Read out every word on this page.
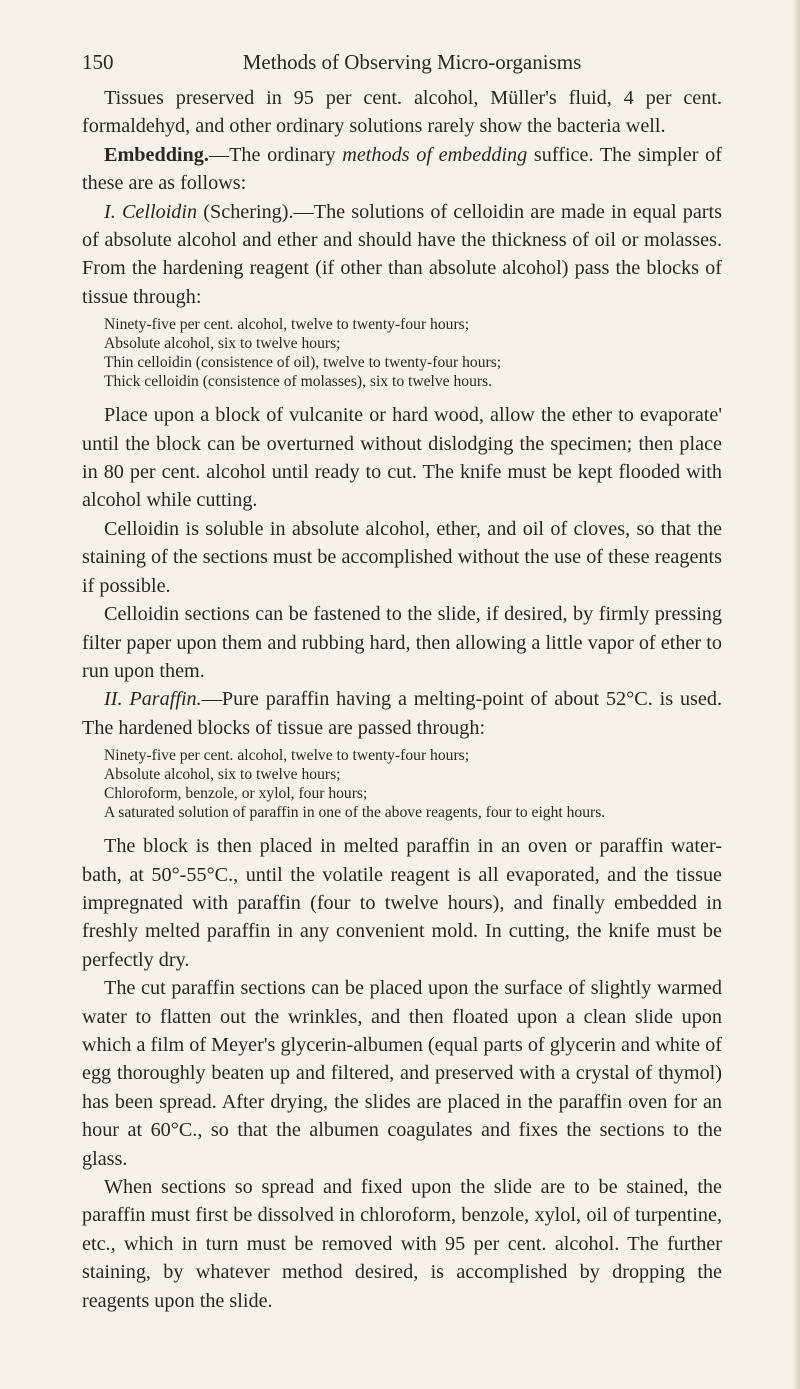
150	Methods of Observing Micro-organisms

Tissues preserved in 95 per cent. alcohol, Müller's fluid, 4 per cent. formaldehyd, and other ordinary solutions rarely show the bacteria well.

Embedding.—The ordinary methods of embedding suffice. The simpler of these are as follows:

I. Celloidin (Schering).—The solutions of celloidin are made in equal parts of absolute alcohol and ether and should have the thickness of oil or molasses. From the hardening reagent (if other than absolute alcohol) pass the blocks of tissue through:

Ninety-five per cent. alcohol, twelve to twenty-four hours;
Absolute alcohol, six to twelve hours;
Thin celloidin (consistence of oil), twelve to twenty-four hours;
Thick celloidin (consistence of molasses), six to twelve hours.

Place upon a block of vulcanite or hard wood, allow the ether to evaporate' until the block can be overturned without dislodging the specimen; then place in 80 per cent. alcohol until ready to cut. The knife must be kept flooded with alcohol while cutting.

Celloidin is soluble in absolute alcohol, ether, and oil of cloves, so that the staining of the sections must be accomplished without the use of these reagents if possible.

Celloidin sections can be fastened to the slide, if desired, by firmly pressing filter paper upon them and rubbing hard, then allowing a little vapor of ether to run upon them.

II. Paraffin.—Pure paraffin having a melting-point of about 52°C. is used. The hardened blocks of tissue are passed through:

Ninety-five per cent. alcohol, twelve to twenty-four hours;
Absolute alcohol, six to twelve hours;
Chloroform, benzole, or xylol, four hours;
A saturated solution of paraffin in one of the above reagents, four to eight hours.

The block is then placed in melted paraffin in an oven or paraffin water-bath, at 50°-55°C., until the volatile reagent is all evaporated, and the tissue impregnated with paraffin (four to twelve hours), and finally embedded in freshly melted paraffin in any convenient mold. In cutting, the knife must be perfectly dry.

The cut paraffin sections can be placed upon the surface of slightly warmed water to flatten out the wrinkles, and then floated upon a clean slide upon which a film of Meyer's glycerin-albumen (equal parts of glycerin and white of egg thoroughly beaten up and filtered, and preserved with a crystal of thymol) has been spread. After drying, the slides are placed in the paraffin oven for an hour at 60°C., so that the albumen coagulates and fixes the sections to the glass.

When sections so spread and fixed upon the slide are to be stained, the paraffin must first be dissolved in chloroform, benzole, xylol, oil of turpentine, etc., which in turn must be removed with 95 per cent. alcohol. The further staining, by whatever method desired, is accomplished by dropping the reagents upon the slide.
